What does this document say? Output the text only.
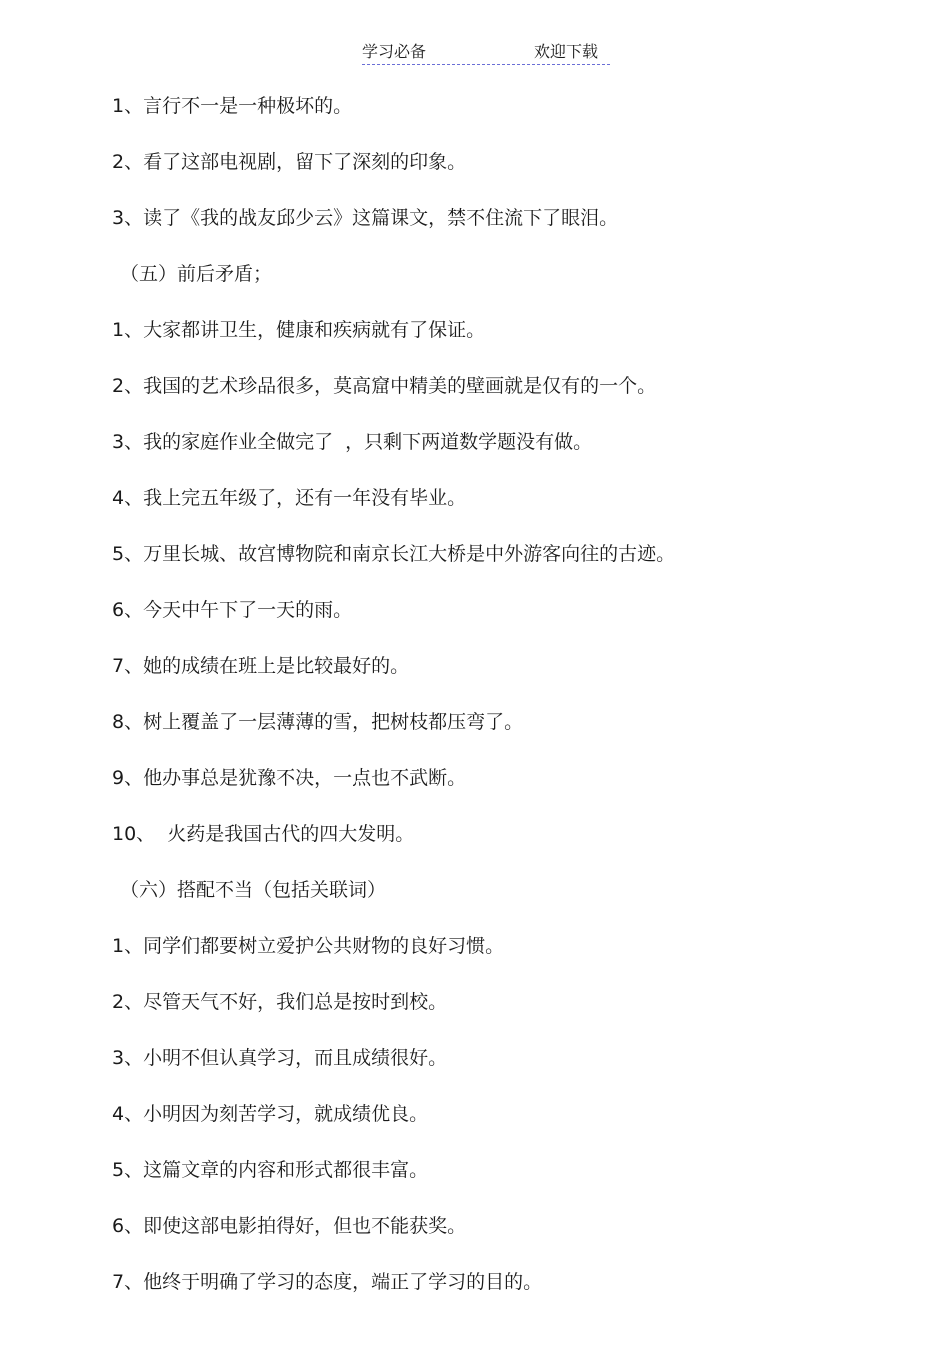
学习必备	欢迎下载
1、言行不一是一种极坏的。
2、看了这部电视剧，留下了深刻的印象。
3、读了《我的战友邱少云》这篇课文，禁不住流下了眼泪。
（五）前后矛盾；
1、大家都讲卫生，健康和疾病就有了保证。
2、我国的艺术珍品很多，莫高窟中精美的壁画就是仅有的一个。
3、我的家庭作业全做完了  ，只剩下两道数学题没有做。
4、我上完五年级了，还有一年没有毕业。
5、万里长城、故宫博物院和南京长江大桥是中外游客向往的古迹。
6、今天中午下了一天的雨。
7、她的成绩在班上是比较最好的。
8、树上覆盖了一层薄薄的雪，把树枝都压弯了。
9、他办事总是犹豫不决，一点也不武断。
10、  火药是我国古代的四大发明。
（六）搭配不当（包括关联词）
1、同学们都要树立爱护公共财物的良好习惯。
2、尽管天气不好，我们总是按时到校。
3、小明不但认真学习，而且成绩很好。
4、小明因为刻苦学习，就成绩优良。
5、这篇文章的内容和形式都很丰富。
6、即使这部电影拍得好，但也不能获奖。
7、他终于明确了学习的态度，端正了学习的目的。
